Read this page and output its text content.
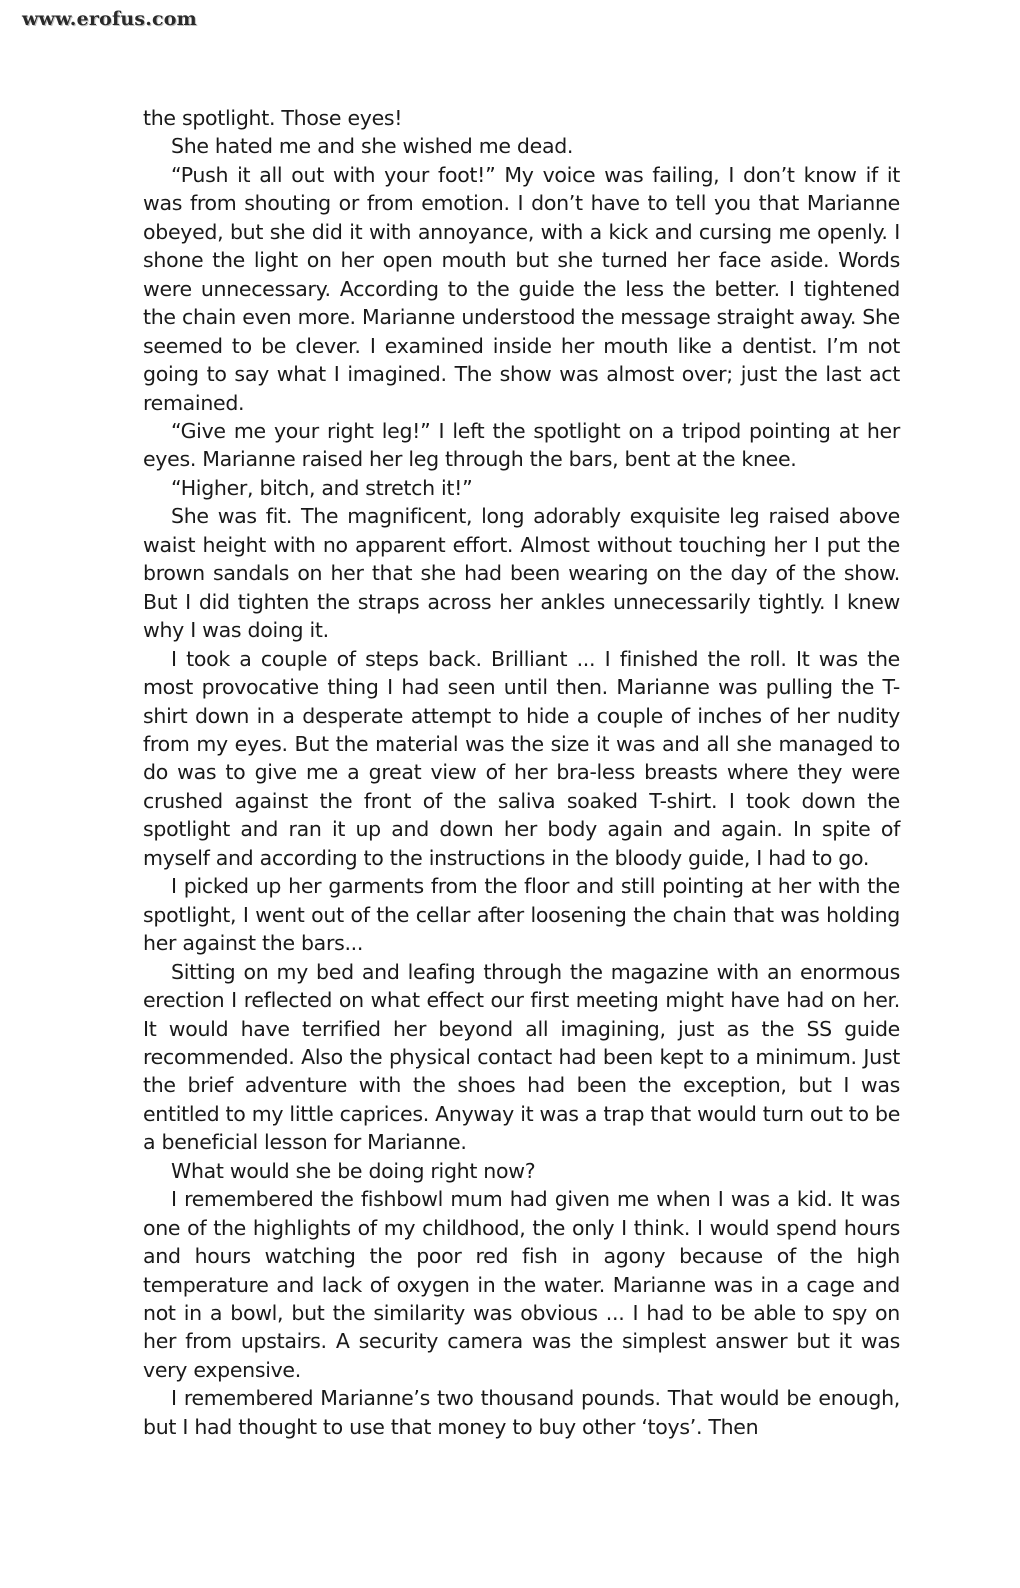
www.erofus.com

the spotlight. Those eyes!

She hated me and she wished me dead.

“Push it all out with your foot!” My voice was failing, I don’t know if it was from shouting or from emotion. I don’t have to tell you that Marianne obeyed, but she did it with annoyance, with a kick and cursing me openly. I shone the light on her open mouth but she turned her face aside. Words were unnecessary. According to the guide the less the better. I tightened the chain even more. Marianne understood the message straight away. She seemed to be clever. I examined inside her mouth like a dentist. I’m not going to say what I imagined. The show was almost over; just the last act remained.

“Give me your right leg!” I left the spotlight on a tripod pointing at her eyes. Marianne raised her leg through the bars, bent at the knee.

“Higher, bitch, and stretch it!”

She was fit. The magnificent, long adorably exquisite leg raised above waist height with no apparent effort. Almost without touching her I put the brown sandals on her that she had been wearing on the day of the show. But I did tighten the straps across her ankles unnecessarily tightly. I knew why I was doing it.

I took a couple of steps back. Brilliant ... I finished the roll. It was the most provocative thing I had seen until then. Marianne was pulling the T-shirt down in a desperate attempt to hide a couple of inches of her nudity from my eyes. But the material was the size it was and all she managed to do was to give me a great view of her bra-less breasts where they were crushed against the front of the saliva soaked T-shirt. I took down the spotlight and ran it up and down her body again and again. In spite of myself and according to the instructions in the bloody guide, I had to go.

I picked up her garments from the floor and still pointing at her with the spotlight, I went out of the cellar after loosening the chain that was holding her against the bars...

Sitting on my bed and leafing through the magazine with an enormous erection I reflected on what effect our first meeting might have had on her. It would have terrified her beyond all imagining, just as the SS guide recommended. Also the physical contact had been kept to a minimum. Just the brief adventure with the shoes had been the exception, but I was entitled to my little caprices. Anyway it was a trap that would turn out to be a beneficial lesson for Marianne.

What would she be doing right now?

I remembered the fishbowl mum had given me when I was a kid. It was one of the highlights of my childhood, the only I think. I would spend hours and hours watching the poor red fish in agony because of the high temperature and lack of oxygen in the water. Marianne was in a cage and not in a bowl, but the similarity was obvious ... I had to be able to spy on her from upstairs. A security camera was the simplest answer but it was very expensive.

I remembered Marianne’s two thousand pounds. That would be enough, but I had thought to use that money to buy other ‘toys’. Then
